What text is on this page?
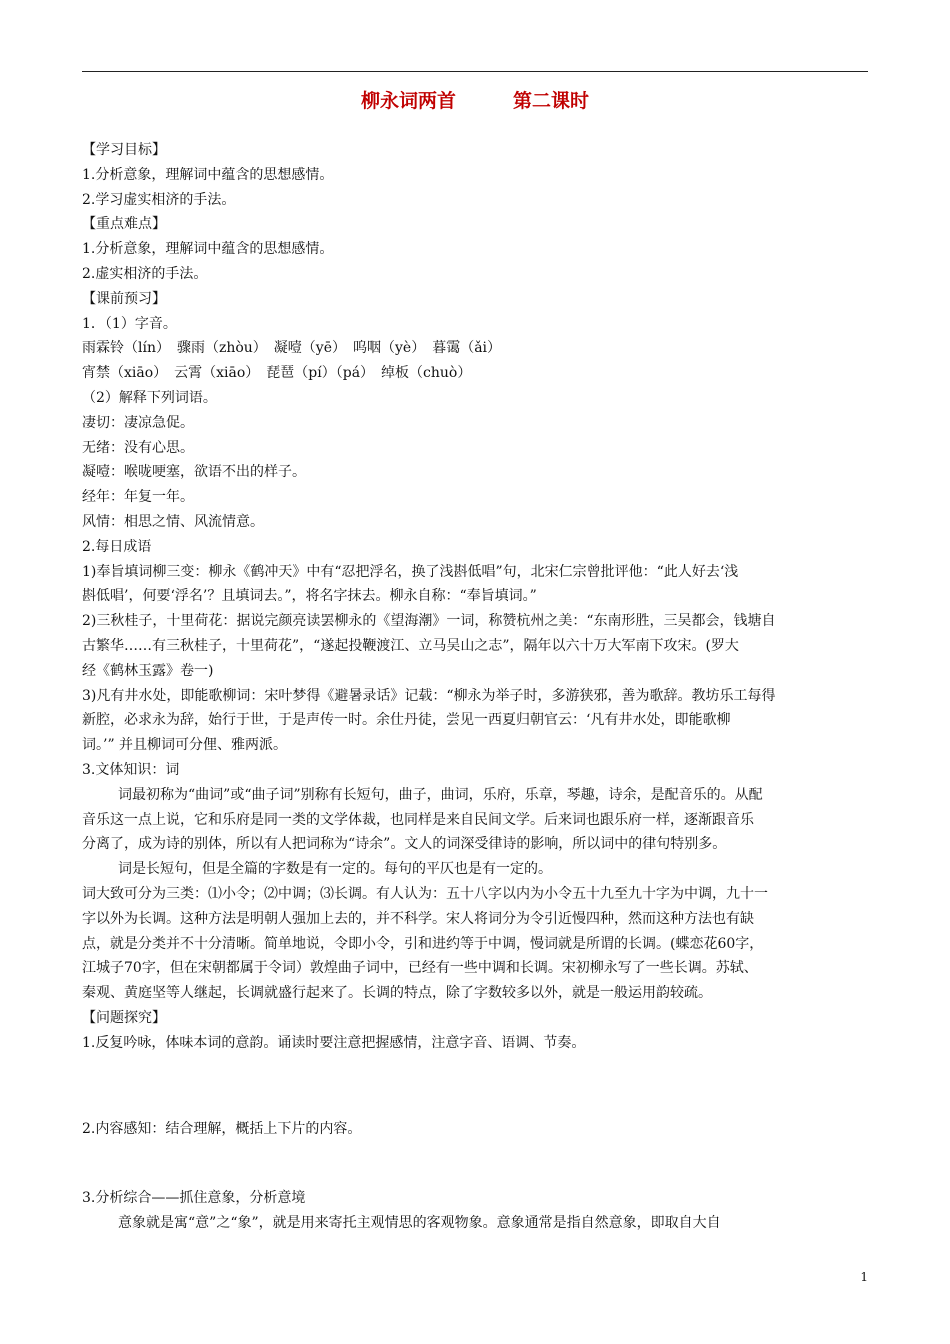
柳永词两首　　　第二课时
【学习目标】
1.分析意象，理解词中蕴含的思想感情。
2.学习虚实相济的手法。
【重点难点】
1.分析意象，理解词中蕴含的思想感情。
2.虚实相济的手法。
【课前预习】
1．（1）字音。
雨霖铃（lín）　骤雨（zhòu）　凝噎（yē）　呜咽（yè）　暮霭（ǎi）
宵禁（xiāo）　云霄（xiāo）　琵琶（pí）（pá）　绰板（chuò）
（2）解释下列词语。
凄切：凄凉急促。
无绪：没有心思。
凝噎：喉咙哽塞，欲语不出的样子。
经年：年复一年。
风情：相思之情、风流情意。
2.每日成语
1)奉旨填词柳三变：柳永《鹤冲天》中有“忍把浮名，换了浅斟低唱”句，北宋仁宗曾批评他：“此人好去‘浅
斟低唱’，何要‘浮名’？且填词去。”，将名字抹去。柳永自称：“奉旨填词。”
2)三秋桂子，十里荷花：据说完颜亮读罢柳永的《望海潮》一词，称赞杭州之美：“东南形胜，三吴都会，钱塘自
古繁华……有三秋桂子，十里荷花”，“遂起投鞭渡江、立马吴山之志”，隔年以六十万大军南下攻宋。(罗大
经《鹤林玉露》卷一)
3)凡有井水处，即能歌柳词：宋叶梦得《避暑录话》记载：“柳永为举子时，多游狭邪，善为歌辞。教坊乐工每得
新腔，必求永为辞，始行于世，于是声传一时。余仕丹徒，尝见一西夏归朝官云：‘凡有井水处，即能歌柳
词。’” 并且柳词可分俚、雅两派。
3.文体知识：词
词最初称为“曲词”或“曲子词”别称有长短句，曲子，曲词，乐府，乐章，琴趣，诗余，是配音乐的。从配
音乐这一点上说，它和乐府是同一类的文学体裁，也同样是来自民间文学。后来词也跟乐府一样，逐渐跟音乐
分离了，成为诗的别体，所以有人把词称为“诗余”。文人的词深受律诗的影响，所以词中的律句特别多。
词是长短句，但是全篇的字数是有一定的。每句的平仄也是有一定的。
词大致可分为三类：⑴小令；⑵中调；⑶长调。有人认为：五十八字以内为小令五十九至九十字为中调，九十一
字以外为长调。这种方法是明朝人强加上去的，并不科学。宋人将词分为令引近慢四种，然而这种方法也有缺
点，就是分类并不十分清晰。简单地说，令即小令，引和进约等于中调，慢词就是所谓的长调。(蝶恋花60字，
江城子70字，但在宋朝都属于令词）敦煌曲子词中，已经有一些中调和长调。宋初柳永写了一些长调。苏轼、
秦观、黄庭坚等人继起，长调就盛行起来了。长调的特点，除了字数较多以外，就是一般运用韵较疏。
【问题探究】
1.反复吟咏，体味本词的意韵。诵读时要注意把握感情，注意字音、语调、节奏。
2.内容感知：结合理解，概括上下片的内容。
3.分析综合——抓住意象，分析意境
意象就是寓“意”之“象”，就是用来寄托主观情思的客观物象。意象通常是指自然意象，即取自大自
1
